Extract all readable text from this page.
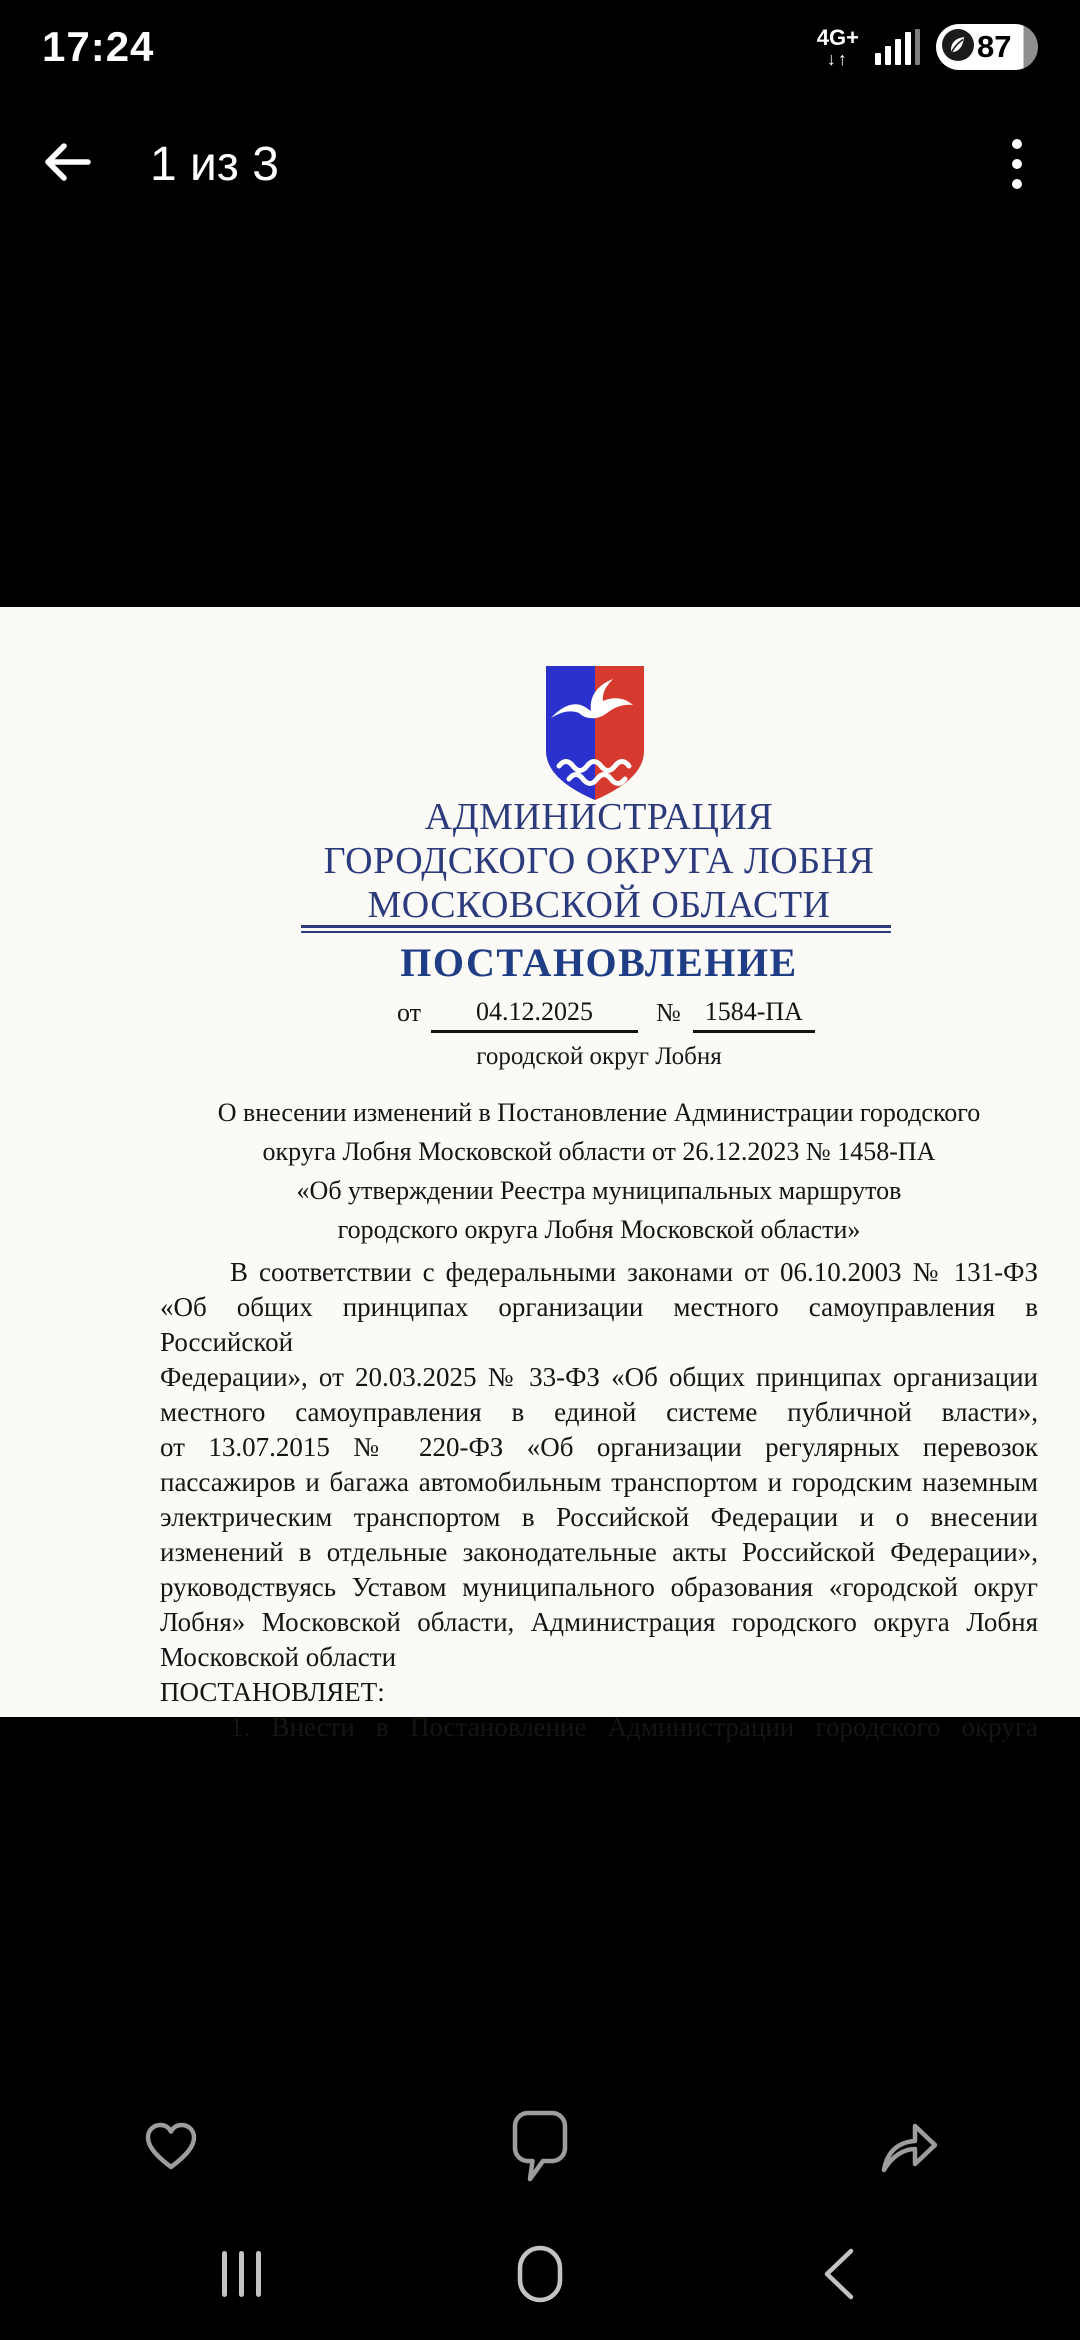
17:24	4G+
↓↑	87
1 из 3
АДМИНИСТРАЦИЯ
ГОРОДСКОГО ОКРУГА ЛОБНЯ
МОСКОВСКОЙ ОБЛАСТИ
ПОСТАНОВЛЕНИЕ
от	04.12.2025	№ 1584-ПА
городской округ Лобня
О внесении изменений в Постановление Администрации городского
округа Лобня Московской области от 26.12.2023 № 1458-ПА
«Об утверждении Реестра муниципальных маршрутов
городского округа Лобня Московской области»
В соответствии с федеральными законами от 06.10.2003 № 131-ФЗ
«Об общих принципах организации местного самоуправления в Российской
Федерации», от 20.03.2025 № 33-ФЗ «Об общих принципах организации
местного самоуправления в единой системе публичной власти»,
от 13.07.2015 № 220-ФЗ «Об организации регулярных перевозок
пассажиров и багажа автомобильным транспортом и городским наземным
электрическим транспортом в Российской Федерации и о внесении
изменений в отдельные законодательные акты Российской Федерации»,
руководствуясь Уставом муниципального образования «городской округ
Лобня» Московской области, Администрация городского округа Лобня
Московской области
ПОСТАНОВЛЯЕТ:
1. Внести в Постановление Администрации городского округа
